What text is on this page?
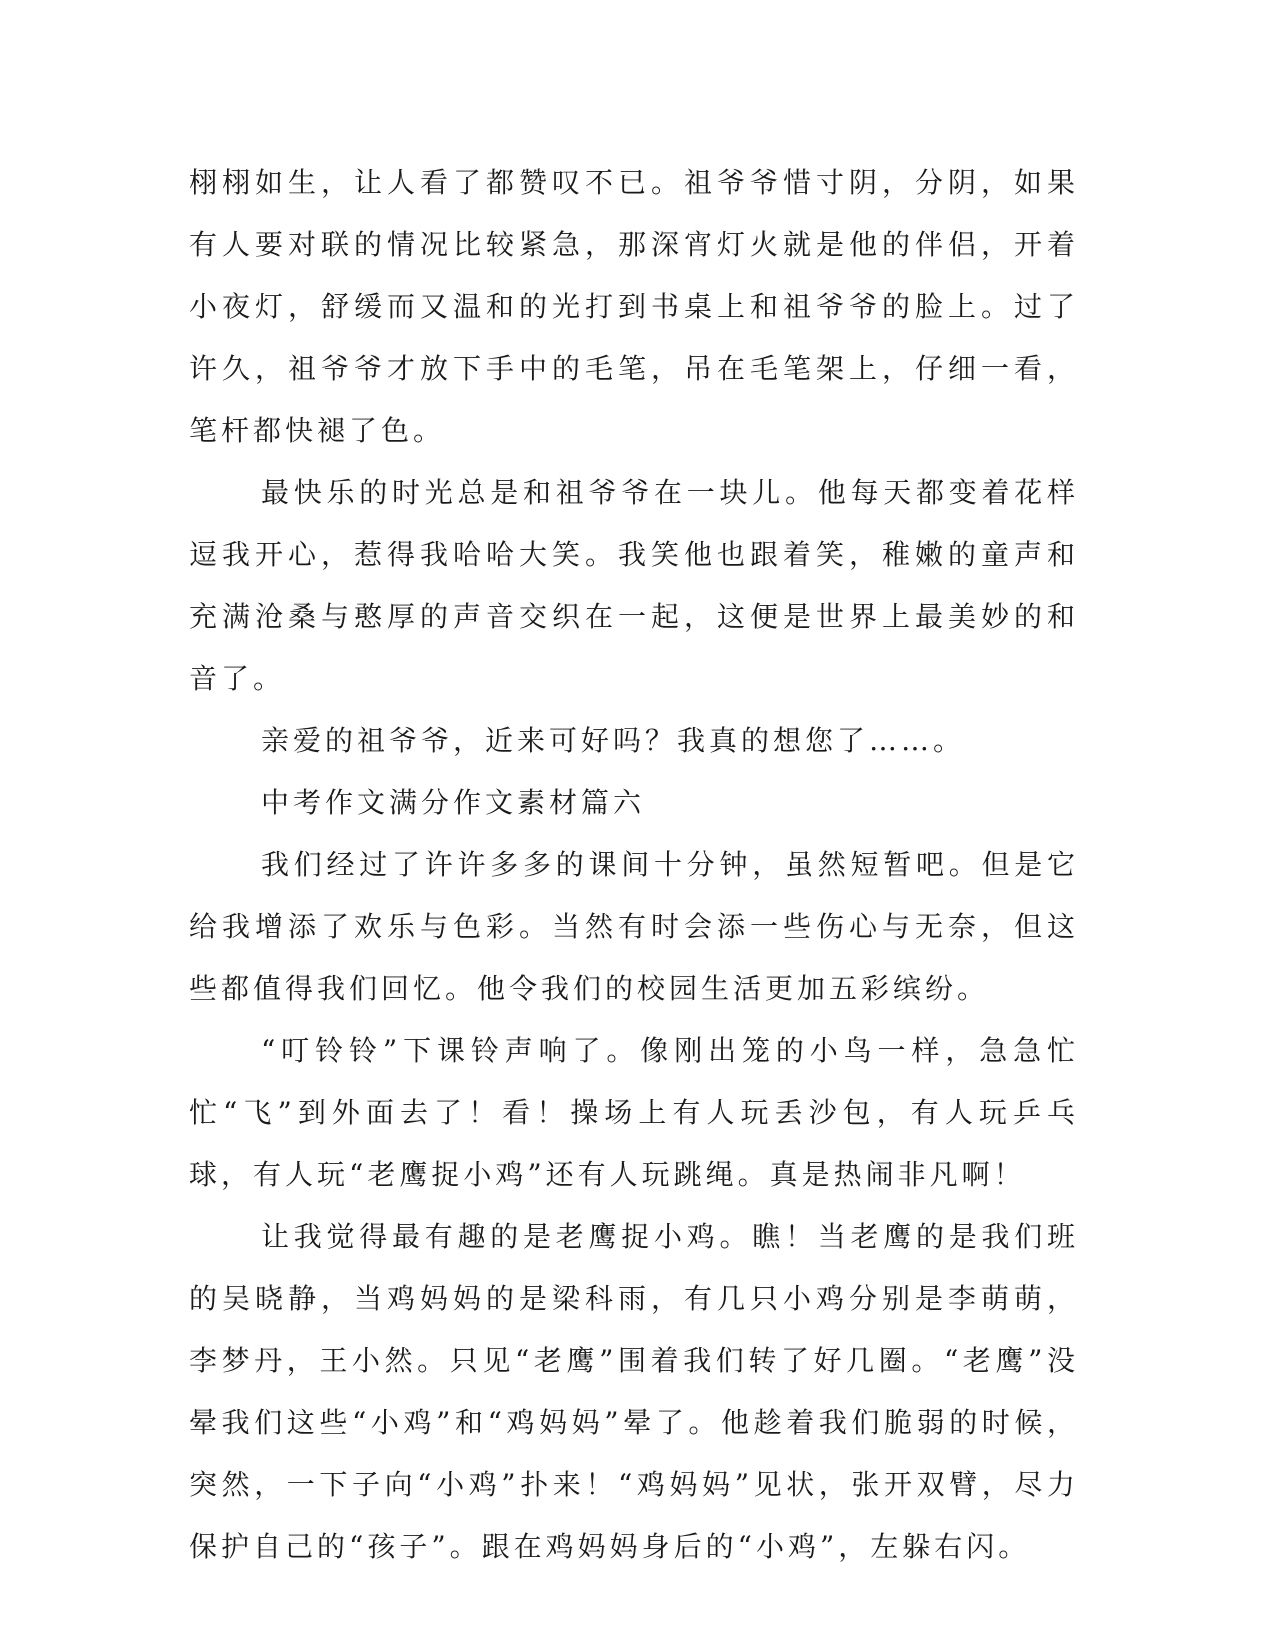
栩栩如生，让人看了都赞叹不已。祖爷爷惜寸阴，分阴，如果有人要对联的情况比较紧急，那深宵灯火就是他的伴侣，开着小夜灯，舒缓而又温和的光打到书桌上和祖爷爷的脸上。过了许久，祖爷爷才放下手中的毛笔，吊在毛笔架上，仔细一看，笔杆都快褪了色。

最快乐的时光总是和祖爷爷在一块儿。他每天都变着花样逗我开心，惹得我哈哈大笑。我笑他也跟着笑，稚嫩的童声和充满沧桑与憨厚的声音交织在一起，这便是世界上最美妙的和音了。

亲爱的祖爷爷，近来可好吗？我真的想您了……。

中考作文满分作文素材篇六

我们经过了许许多多的课间十分钟，虽然短暂吧。但是它给我增添了欢乐与色彩。当然有时会添一些伤心与无奈，但这些都值得我们回忆。他令我们的校园生活更加五彩缤纷。

“叮铃铃”下课铃声响了。像刚出笼的小鸟一样，急急忙忙“飞”到外面去了！看！操场上有人玩丢沙包，有人玩乒乓球，有人玩“老鹰捉小鸡”还有人玩跳绳。真是热闹非凡啊！

让我觉得最有趣的是老鹰捉小鸡。瞧！当老鹰的是我们班的吴晓静，当鸡妈妈的是梁科雨，有几只小鸡分别是李萌萌，李梦丹，王小然。只见“老鹰”围着我们转了好几圈。“老鹰”没晕我们这些“小鸡”和“鸡妈妈”晕了。他趁着我们脆弱的时候，突然，一下子向“小鸡”扑来！“鸡妈妈”见状，张开双臂，尽力保护自己的“孩子”。跟在鸡妈妈身后的“小鸡”，左躲右闪。
